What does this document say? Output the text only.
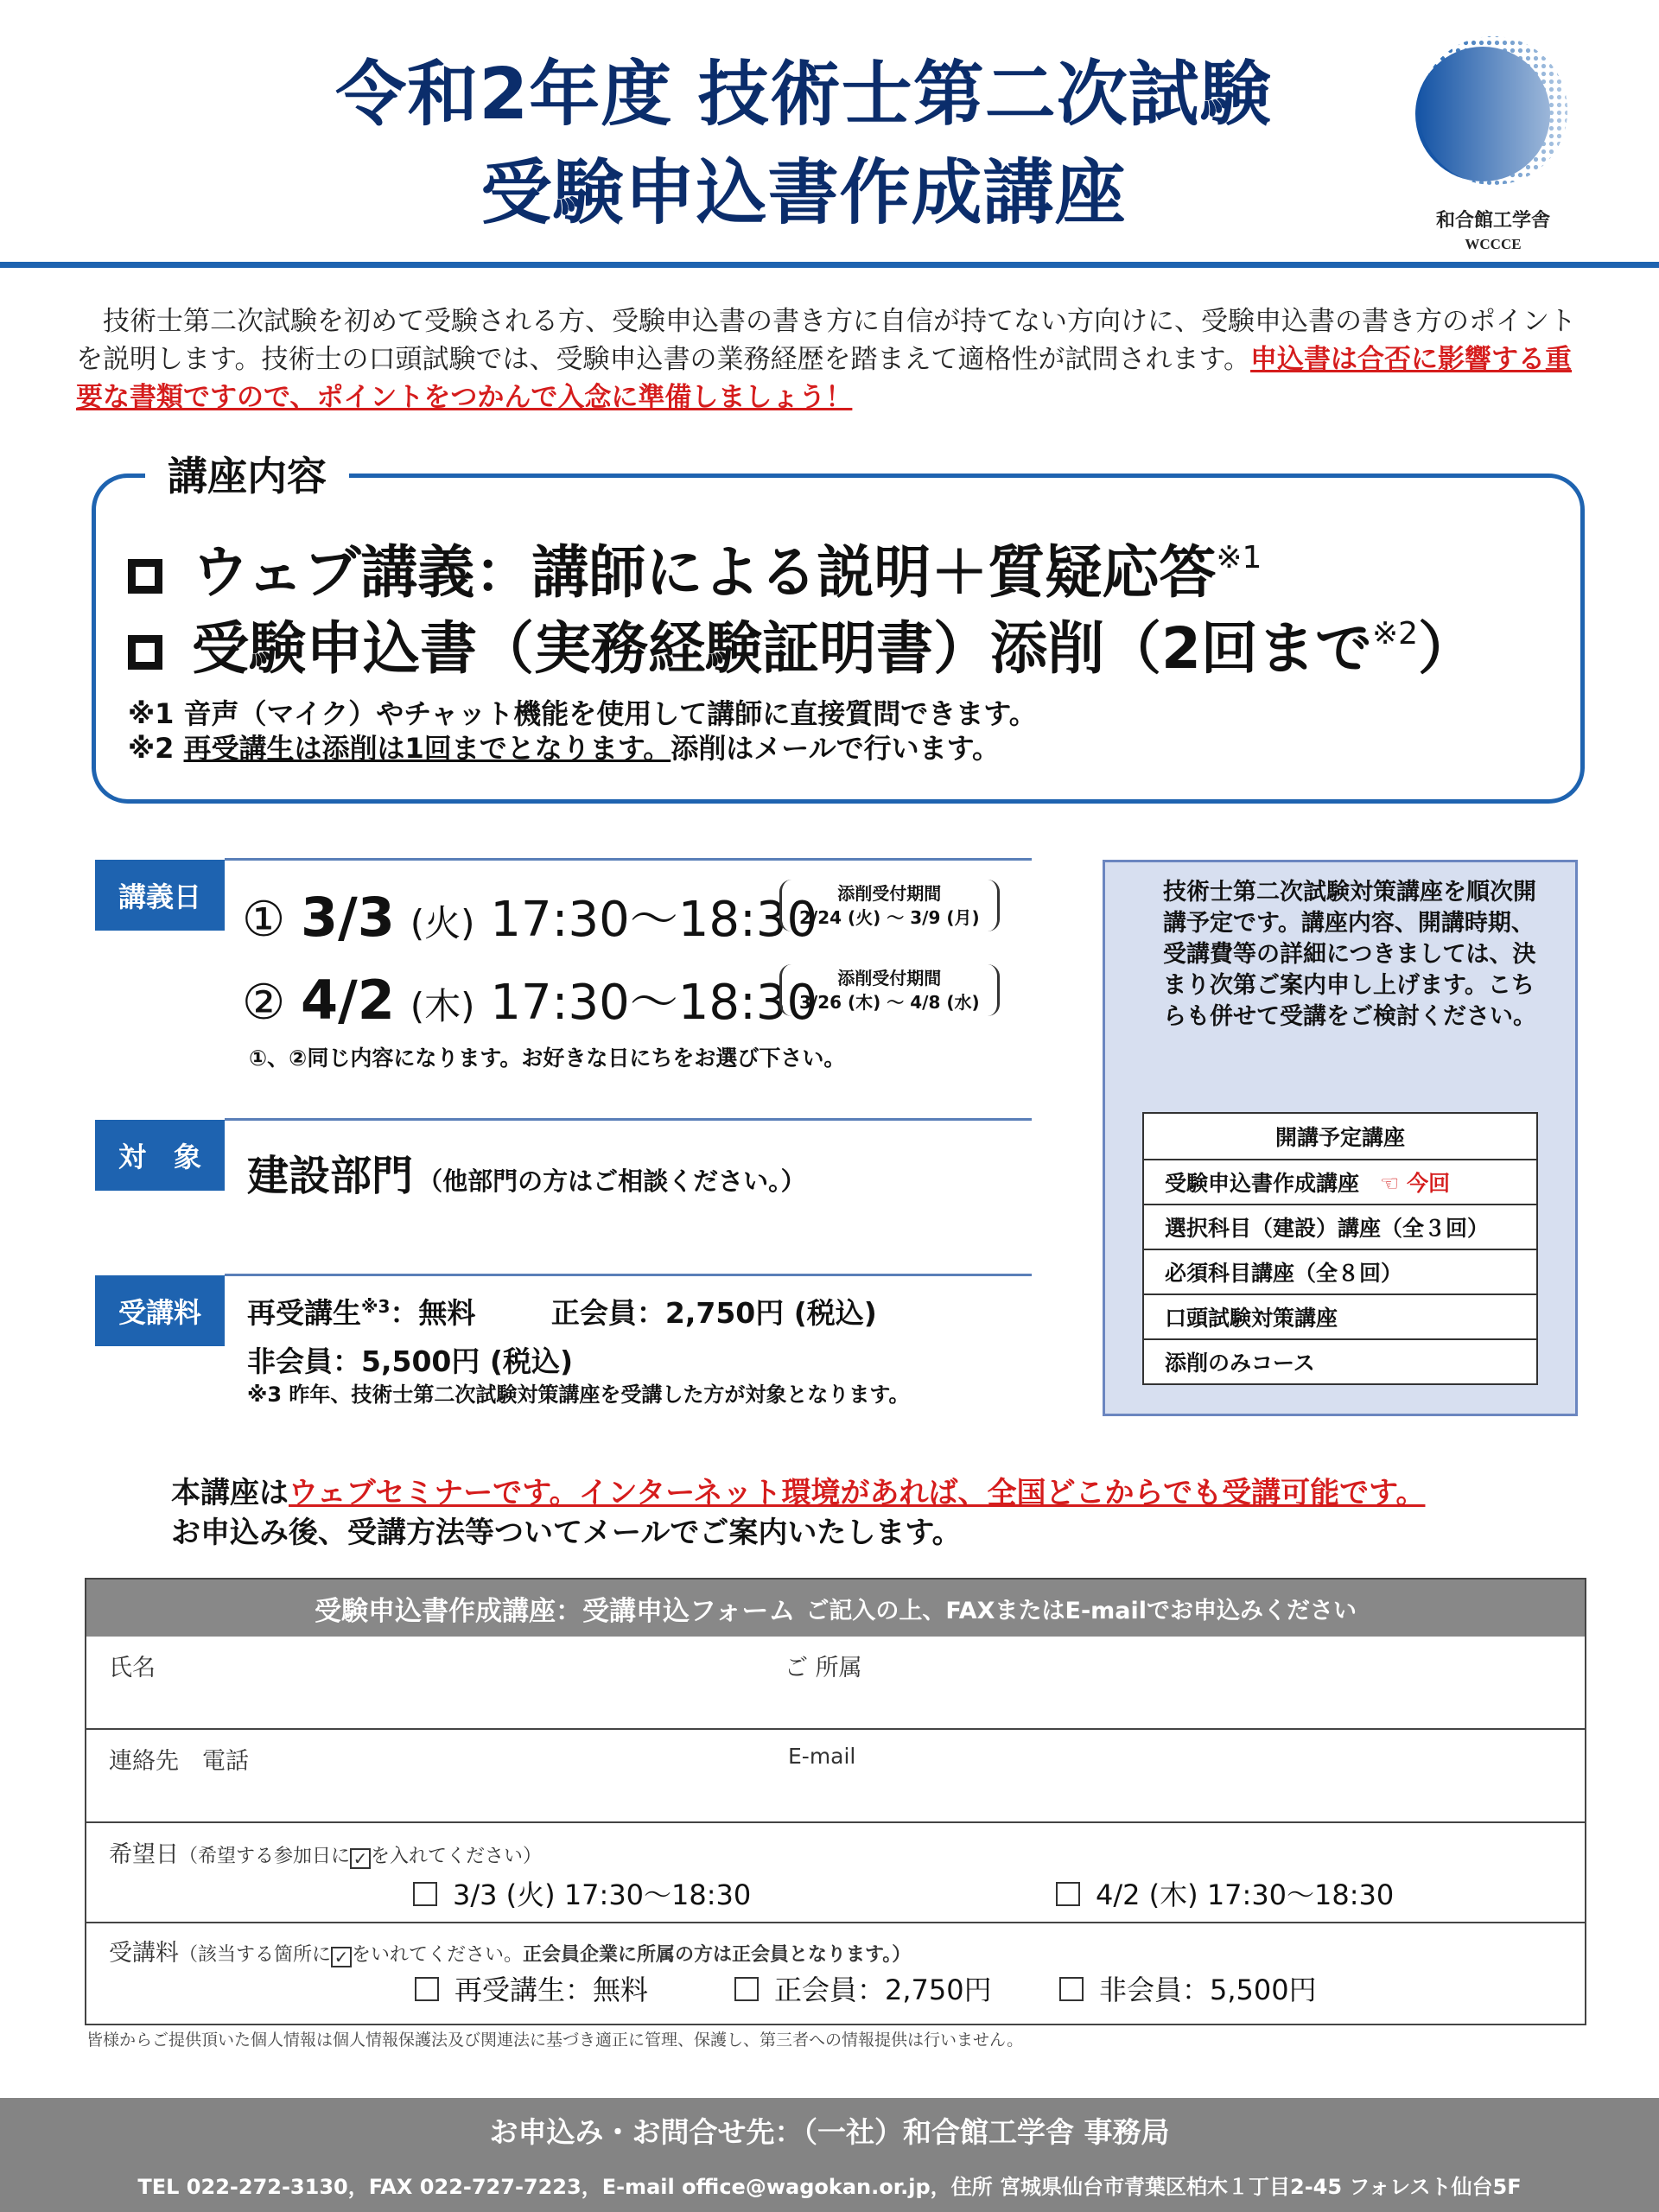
令和2年度 技術士第二次試験
受験申込書作成講座	和合館工学舎
WCCCE
　技術士第二次試験を初めて受験される方、受験申込書の書き方に自信が持てない方向けに、受験申込書の書き方のポイントを説明します。技術士の口頭試験では、受験申込書の業務経歴を踏まえて適格性が試問されます。申込書は合否に影響する重要な書類ですので、ポイントをつかんで入念に準備しましょう！
講座内容
ウェブ講義：講師による説明＋質疑応答$^{※1}$
受験申込書（実務経験証明書）添削（2回まで$^{※2}$）
※1 音声（マイク）やチャット機能を使用して講師に直接質問できます。
※2 再受講生は添削は1回までとなります。添削はメールで行います。
講義日 ① 3/3 (火) 17:30〜18:30	添削受付期間
2/24 (火) 〜 3/9 (月)
② 4/2 (木) 17:30〜18:30	添削受付期間
3/26 (木) 〜 4/8 (水)
①、②同じ内容になります。お好きな日にちをお選び下さい。
対　象	建設部門 （他部門の方はご相談ください。）
受講料	再受講生$^{※3}$：無料	正会員：2,750円 (税込)
非会員：5,500円 (税込)
※3 昨年、技術士第二次試験対策講座を受講した方が対象となります。
技術士第二次試験対策講座を順次開講予定です。講座内容、開講時期、受講費等の詳細につきましては、決まり次第ご案内申し上げます。こちらも併せて受講をご検討ください。
開講予定講座
受験申込書作成講座 ☜ 今回
選択科目（建設）講座（全３回）
必須科目講座（全８回）
口頭試験対策講座
添削のみコース
本講座はウェブセミナーです。インターネット環境があれば、全国どこからでも受講可能です。
お申込み後、受講方法等ついてメールでご案内いたします。
受験申込書作成講座：受講申込フォーム ご記入の上、FAXまたはE-mailでお申込みください
氏名	ご 所属
連絡先　電話	E-mail
希望日（希望する参加日に ✓ を入れてください）
3/3 (火) 17:30〜18:30	4/2 (木) 17:30〜18:30
受講料（該当する箇所に ✓ をいれてください。正会員企業に所属の方は正会員となります。）
再受講生：無料	正会員：2,750円	非会員：5,500円
皆様からご提供頂いた個人情報は個人情報保護法及び関連法に基づき適正に管理、保護し、第三者への情報提供は行いません。
お申込み・お問合せ先：（一社）和合館工学舎 事務局
TEL 022-272-3130，FAX 022-727-7223，E-mail office@wagokan.or.jp，住所 宮城県仙台市青葉区柏木１丁目2-45 フォレスト仙台5F
